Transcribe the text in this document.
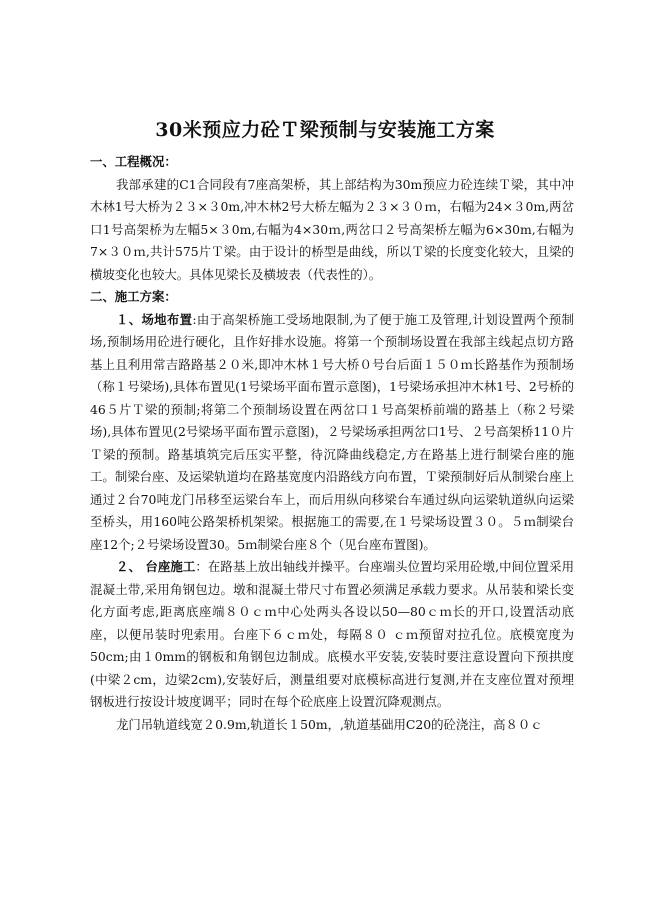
30米预应力砼Ｔ梁预制与安装施工方案

一、工程概况：

我部承建的C1合同段有7座高架桥，其上部结构为30m预应力砼连续Ｔ梁，其中冲木林1号大桥为２３×３0m,冲木林2号大桥左幅为２３×３０ｍ，右幅为24×３0m,两岔口1号高架桥为左幅5×３0m,右幅为4×30ｍ,两岔口２号高架桥左幅为6×30m,右幅为7×３０ｍ,共计575片Ｔ梁。由于设计的桥型是曲线，所以Ｔ梁的长度变化较大，且梁的横坡变化也较大。具体见梁长及横坡表（代表性的）。

二、施工方案：

１、场地布置:由于高架桥施工受场地限制,为了便于施工及管理,计划设置两个预制场,预制场用砼进行硬化，且作好排水设施。将第一个预制场设置在我部主线起点切方路基上且利用常吉路路基２０米,即冲木林１号大桥０号台后面１５０ｍ长路基作为预制场（称１号梁场),具体布置见(1号梁场平面布置示意图)，1号梁场承担冲木林1号、2号桥的46５片Ｔ梁的预制;将第二个预制场设置在两岔口１号高架桥前端的路基上（称２号梁场),具体布置见(2号梁场平面布置示意图)，２号梁场承担两岔口1号、２号高架桥11０片Ｔ梁的预制。路基填筑完后压实平整，待沉降曲线稳定,方在路基上进行制梁台座的施工。制梁台座、及运梁轨道均在路基宽度内沿路线方向布置，Ｔ梁预制好后从制梁台座上通过２台70吨龙门吊移至运梁台车上，而后用纵向移梁台车通过纵向运梁轨道纵向运梁至桥头，用160吨公路架桥机架梁。根据施工的需要,在１号梁场设置３０。５ｍ制梁台座12个;２号梁场设置30。5ｍ制梁台座８个（见台座布置图)。

２、 台座施工：在路基上放出轴线并操平。台座端头位置均采用砼墩,中间位置采用混凝土带,采用角钢包边。墩和混凝土带尺寸布置必须满足承载力要求。从吊装和梁长变化方面考虑,距离底座端８０ｃｍ中心处两头各设以50—80ｃｍ长的开口,设置活动底座，以便吊装时兜索用。台座下６ｃｍ处，每隔８０ ｃｍ预留对拉孔位。底模宽度为50cm;由１0mm的钢板和角钢包边制成。底模水平安装,安装时要注意设置向下预拱度(中梁２cm，边梁2cm),安装好后，测量组要对底模标高进行复测,并在支座位置对预埋钢板进行按设计坡度调平；同时在每个砼底座上设置沉降观测点。

龙门吊轨道线宽２0.9m,轨道长１50m，,轨道基础用C20的砼浇注，高８０ｃ
